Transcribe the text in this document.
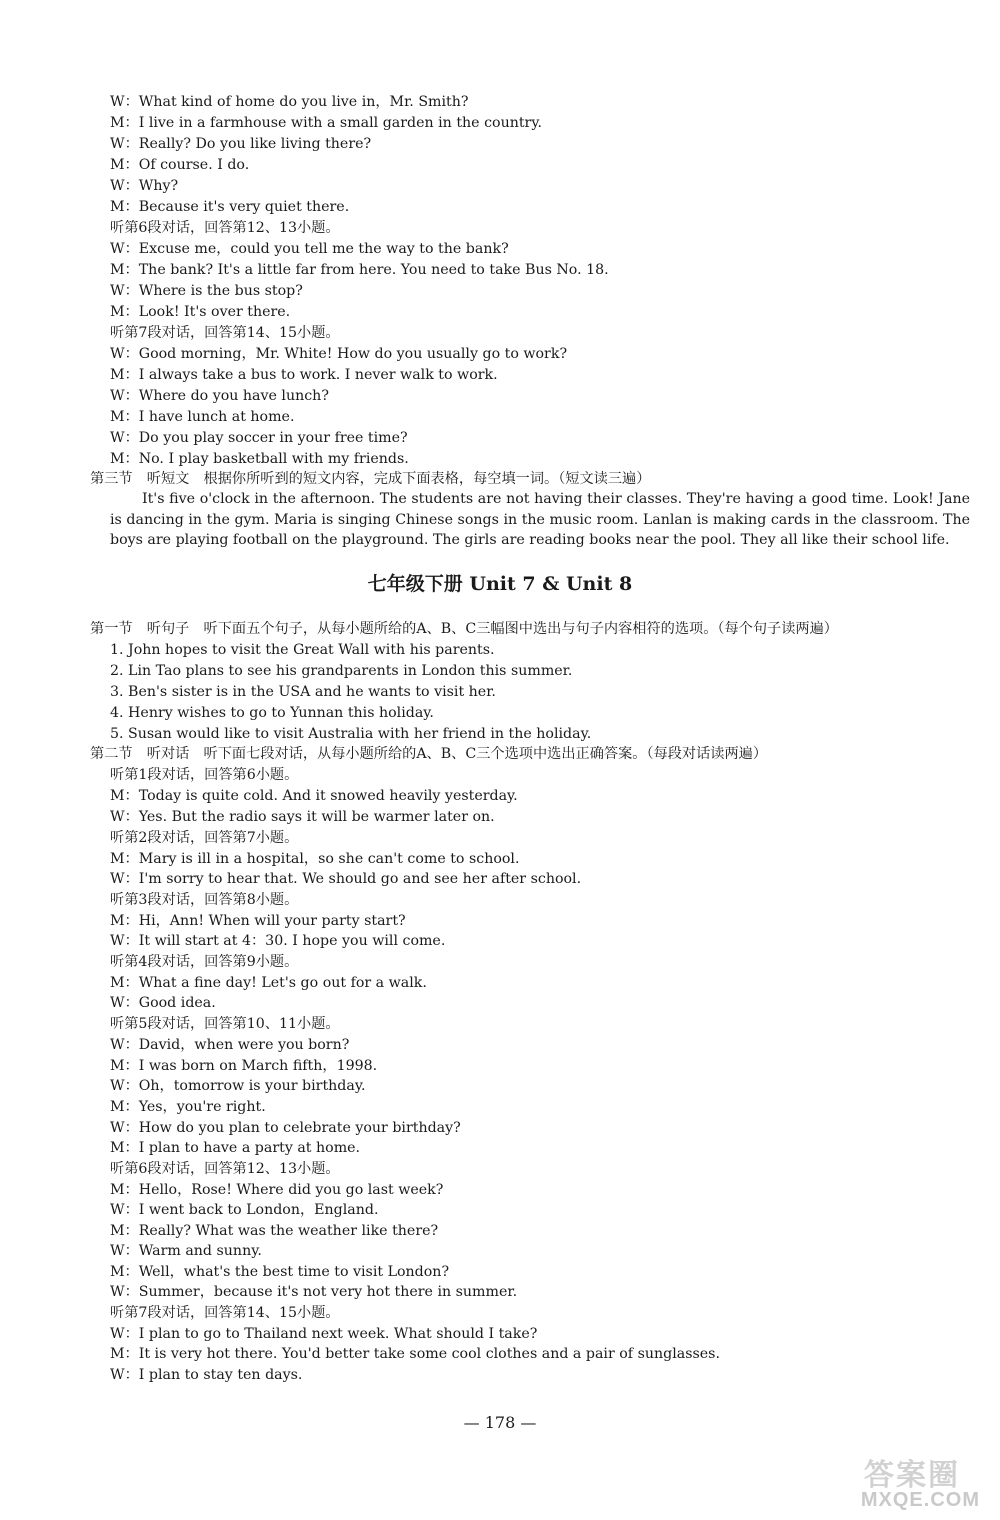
W：What kind of home do you live in，Mr. Smith?
M：I live in a farmhouse with a small garden in the country.
W：Really? Do you like living there?
M：Of course. I do.
W：Why?
M：Because it's very quiet there.
听第6段对话，回答第12、13小题。
W：Excuse me，could you tell me the way to the bank?
M：The bank? It's a little far from here. You need to take Bus No. 18.
W：Where is the bus stop?
M：Look! It's over there.
听第7段对话，回答第14、15小题。
W：Good morning，Mr. White! How do you usually go to work?
M：I always take a bus to work. I never walk to work.
W：Where do you have lunch?
M：I have lunch at home.
W：Do you play soccer in your free time?
M：No. I play basketball with my friends.
第三节　听短文　根据你所听到的短文内容，完成下面表格，每空填一词。（短文读三遍）
It's five o'clock in the afternoon. The students are not having their classes. They're having a good time. Look! Jane is dancing in the gym. Maria is singing Chinese songs in the music room. Lanlan is making cards in the classroom. The boys are playing football on the playground. The girls are reading books near the pool. They all like their school life.
七年级下册 Unit 7 & Unit 8
第一节　听句子　听下面五个句子，从每小题所给的A、B、C三幅图中选出与句子内容相符的选项。（每个句子读两遍）
1. John hopes to visit the Great Wall with his parents.
2. Lin Tao plans to see his grandparents in London this summer.
3. Ben's sister is in the USA and he wants to visit her.
4. Henry wishes to go to Yunnan this holiday.
5. Susan would like to visit Australia with her friend in the holiday.
第二节　听对话　听下面七段对话，从每小题所给的A、B、C三个选项中选出正确答案。（每段对话读两遍）
听第1段对话，回答第6小题。
M：Today is quite cold. And it snowed heavily yesterday.
W：Yes. But the radio says it will be warmer later on.
听第2段对话，回答第7小题。
M：Mary is ill in a hospital，so she can't come to school.
W：I'm sorry to hear that. We should go and see her after school.
听第3段对话，回答第8小题。
M：Hi，Ann! When will your party start?
W：It will start at 4：30. I hope you will come.
听第4段对话，回答第9小题。
M：What a fine day! Let's go out for a walk.
W：Good idea.
听第5段对话，回答第10、11小题。
W：David，when were you born?
M：I was born on March fifth，1998.
W：Oh，tomorrow is your birthday.
M：Yes，you're right.
W：How do you plan to celebrate your birthday?
M：I plan to have a party at home.
听第6段对话，回答第12、13小题。
M：Hello，Rose! Where did you go last week?
W：I went back to London，England.
M：Really? What was the weather like there?
W：Warm and sunny.
M：Well，what's the best time to visit London?
W：Summer，because it's not very hot there in summer.
听第7段对话，回答第14、15小题。
W：I plan to go to Thailand next week. What should I take?
M：It is very hot there. You'd better take some cool clothes and a pair of sunglasses.
W：I plan to stay ten days.
— 178 —
答案圈
MXQE.COM
